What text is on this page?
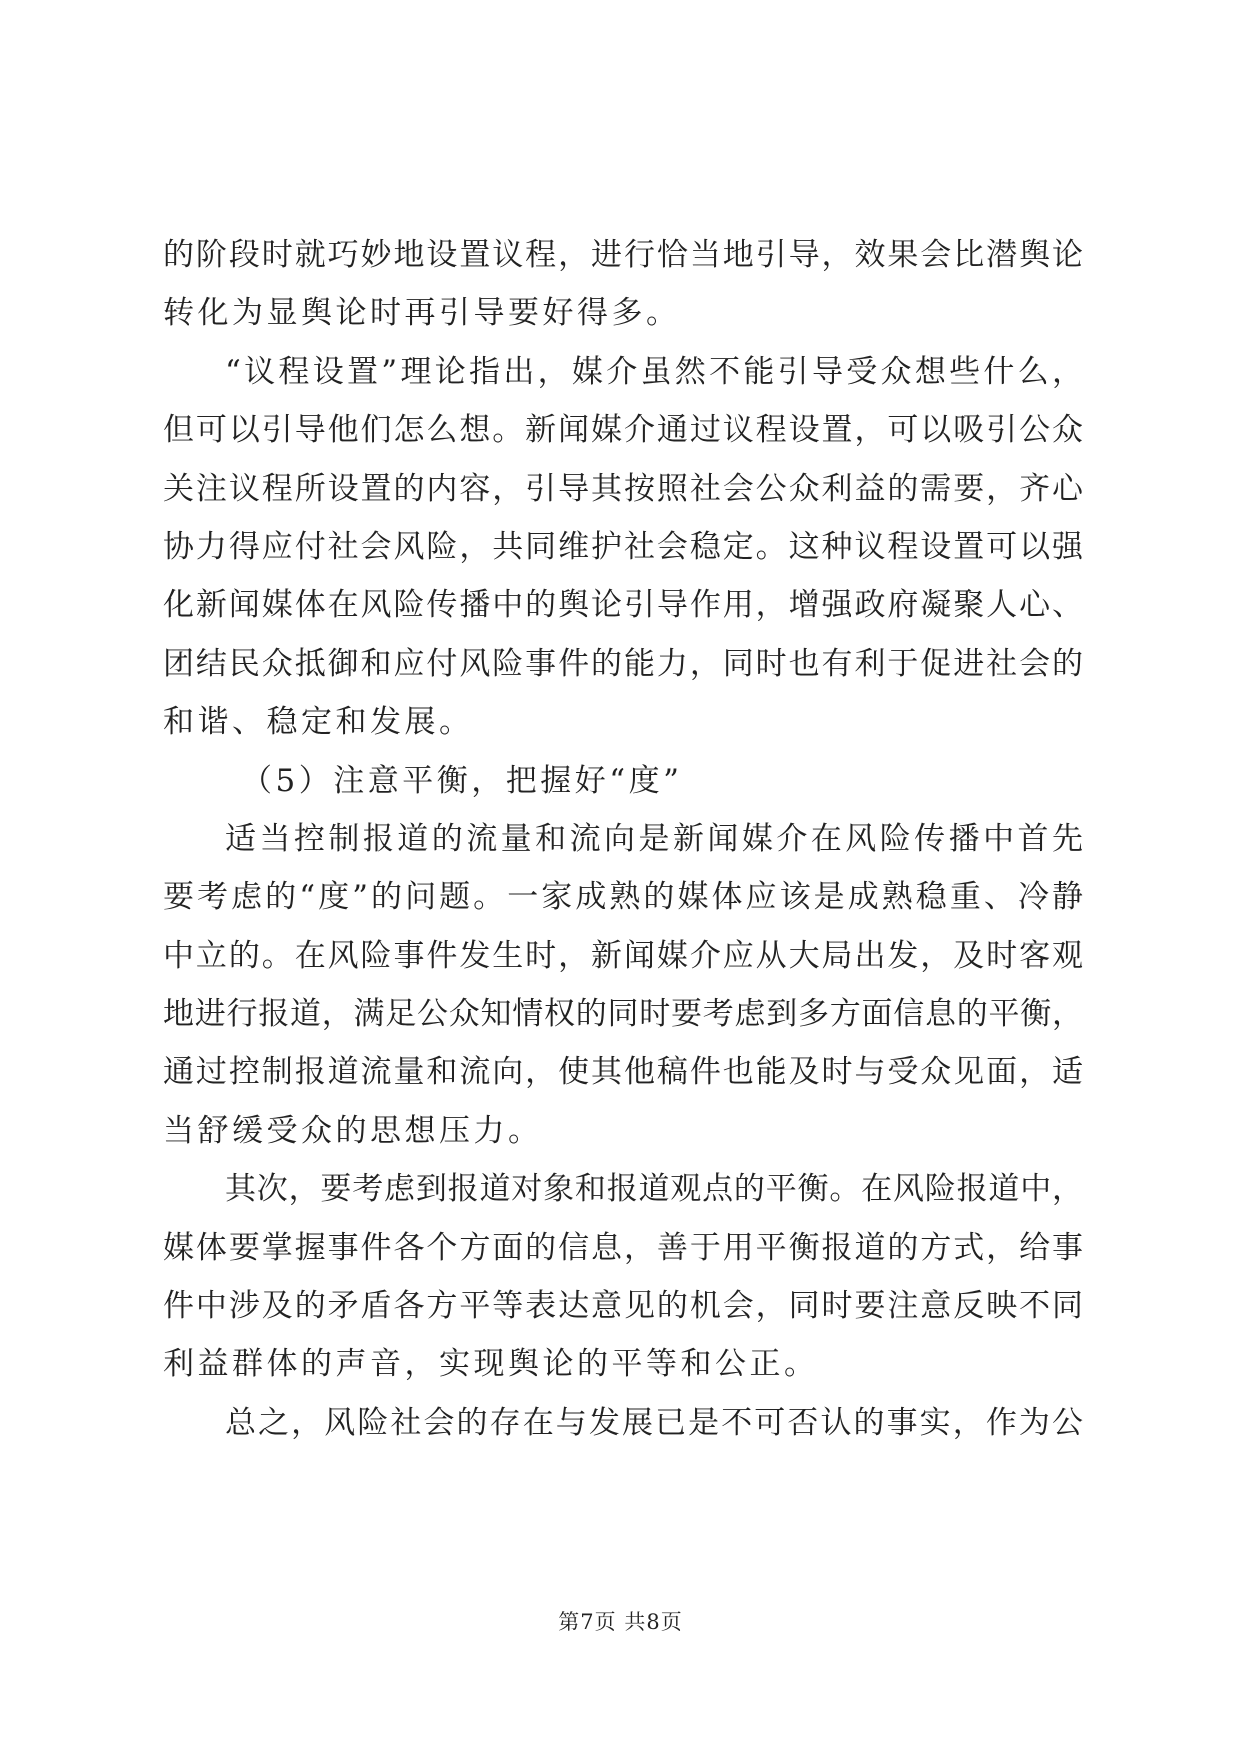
的阶段时就巧妙地设置议程，进行恰当地引导，效果会比潜舆论
转化为显舆论时再引导要好得多。
“议程设置”理论指出，媒介虽然不能引导受众想些什么，
但可以引导他们怎么想。新闻媒介通过议程设置，可以吸引公众
关注议程所设置的内容，引导其按照社会公众利益的需要，齐心
协力得应付社会风险，共同维护社会稳定。这种议程设置可以强
化新闻媒体在风险传播中的舆论引导作用，增强政府凝聚人心、
团结民众抵御和应付风险事件的能力，同时也有利于促进社会的
和谐、稳定和发展。
（5）注意平衡，把握好“度”
适当控制报道的流量和流向是新闻媒介在风险传播中首先
要考虑的“度”的问题。一家成熟的媒体应该是成熟稳重、冷静
中立的。在风险事件发生时，新闻媒介应从大局出发，及时客观
地进行报道，满足公众知情权的同时要考虑到多方面信息的平衡，
通过控制报道流量和流向，使其他稿件也能及时与受众见面，适
当舒缓受众的思想压力。
其次，要考虑到报道对象和报道观点的平衡。在风险报道中，
媒体要掌握事件各个方面的信息，善于用平衡报道的方式，给事
件中涉及的矛盾各方平等表达意见的机会，同时要注意反映不同
利益群体的声音，实现舆论的平等和公正。
总之，风险社会的存在与发展已是不可否认的事实，作为公
第7页 共8页
